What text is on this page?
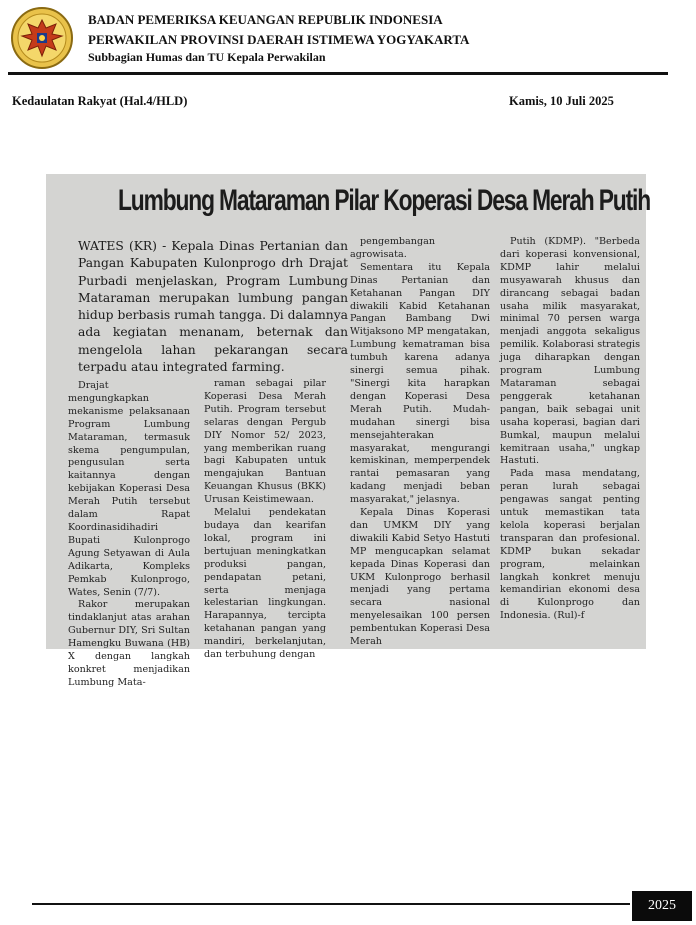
BADAN PEMERIKSA KEUANGAN REPUBLIK INDONESIA
PERWAKILAN PROVINSI DAERAH ISTIMEWA YOGYAKARTA
Subbagian Humas dan TU Kepala Perwakilan
Kedaulatan Rakyat (Hal.4/HLD)	Kamis, 10 Juli 2025
Lumbung Mataraman Pilar Koperasi Desa Merah Putih
WATES (KR) - Kepala Dinas Pertanian dan Pangan Kabupaten Kulonprogo drh Drajat Purbadi menjelaskan, Program Lumbung Mataraman merupakan lumbung pangan hidup berbasis rumah tangga. Di dalamnya ada kegiatan menanam, beternak dan mengelola lahan pekarangan secara terpadu atau integrated farming.

Drajat mengungkapkan mekanisme pelaksanaan Program Lumbung Mataraman, termasuk skema pengumpulan, pengusulan serta kaitannya dengan kebijakan Koperasi Desa Merah Putih tersebut dalam Rapat Koordinasidihadiri Bupati Kulonprogo Agung Setyawan di Aula Adikarta, Kompleks Pemkab Kulonprogo, Wates, Senin (7/7).

Rakor merupakan tindaklanjut atas arahan Gubernur DIY, Sri Sultan Hamengku Buwana (HB) X dengan langkah konkret menjadikan Lumbung Mata-

raman sebagai pilar Koperasi Desa Merah Putih. Program tersebut selaras dengan Pergub DIY Nomor 52/ 2023, yang memberikan ruang bagi Kabupaten untuk mengajukan Bantuan Keuangan Khusus (BKK) Urusan Keistimewaan.

Melalui pendekatan budaya dan kearifan lokal, program ini bertujuan meningkatkan produksi pangan, pendapatan petani, serta menjaga kelestarian lingkungan. Harapannya, tercipta ketahanan pangan yang mandiri, berkelanjutan, dan terbuhung dengan

pengembangan agrowisata.

Sementara itu Kepala Dinas Pertanian dan Ketahanan Pangan DIY diwakili Kabid Ketahanan Pangan Bambang Dwi Witjaksono MP mengatakan, Lumbung kematraman bisa tumbuh karena adanya sinergi semua pihak. "Sinergi kita harapkan dengan Koperasi Desa Merah Putih. Mudah-mudahan sinergi bisa mensejahterakan masyarakat, mengurangi kemiskinan, memperpendek rantai pemasaran yang kadang menjadi beban masyarakat," jelasnya.

Kepala Dinas Koperasi dan UMKM DIY yang diwakili Kabid Setyo Hastuti MP mengucapkan selamat kepada Dinas Koperasi dan UKM Kulonprogo berhasil menjadi yang pertama secara nasional menyelesaikan 100 persen pembentukan Koperasi Desa Merah

Putih (KDMP). "Berbeda dari koperasi konvensional, KDMP lahir melalui musyawarah khusus dan dirancang sebagai badan usaha milik masyarakat, minimal 70 persen warga menjadi anggota sekaligus pemilik. Kolaborasi strategis juga diharapkan dengan program Lumbung Mataraman sebagai penggerak ketahanan pangan, baik sebagai unit usaha koperasi, bagian dari Bumkal, maupun melalui kemitraan usaha," ungkap Hastuti.

Pada masa mendatang, peran lurah sebagai pengawas sangat penting untuk memastikan tata kelola koperasi berjalan transparan dan profesional. KDMP bukan sekadar program, melainkan langkah konkret menuju kemandirian ekonomi desa di Kulonprogo dan Indonesia. (Rul)-f

2025
